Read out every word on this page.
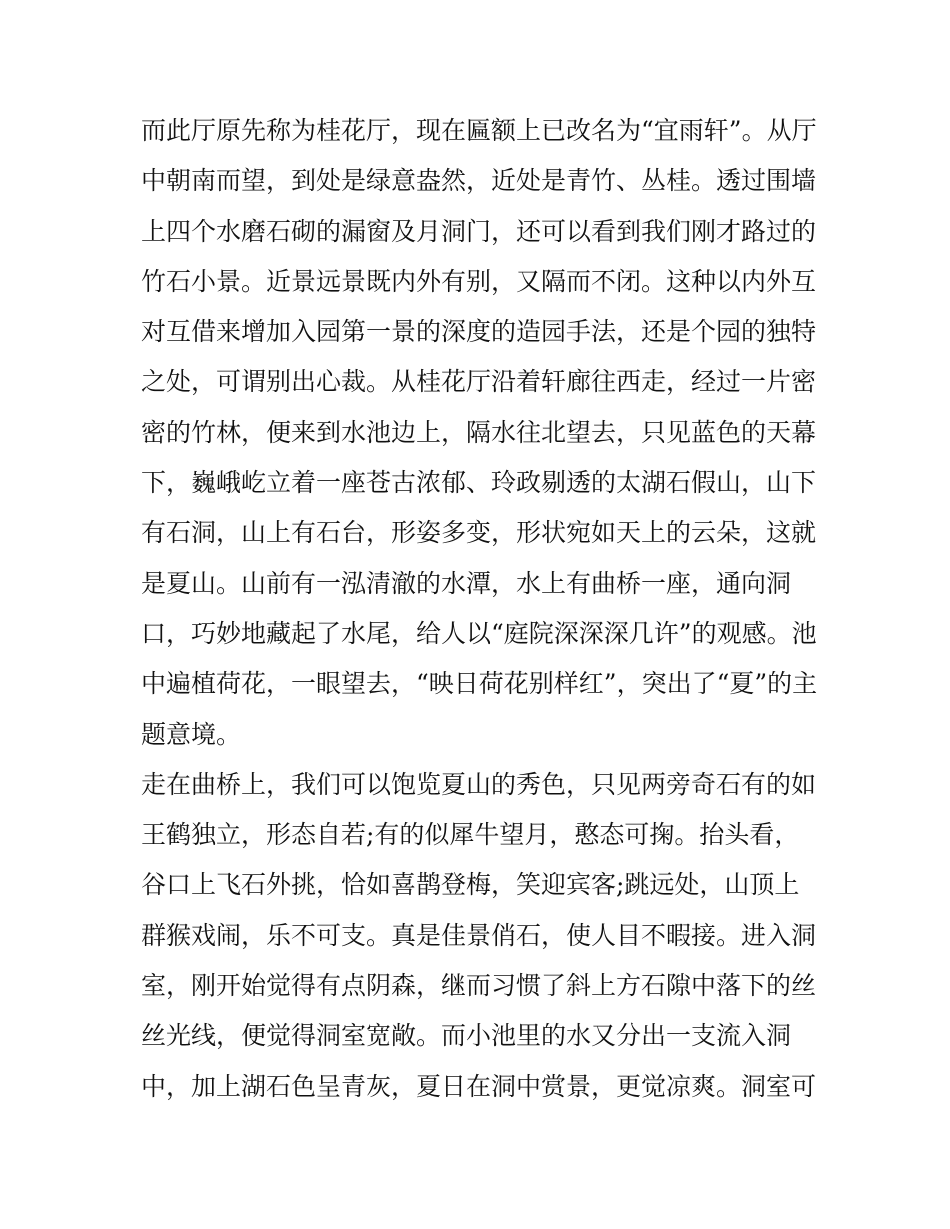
而此厅原先称为桂花厅，现在匾额上已改名为“宜雨轩”。从厅
中朝南而望，到处是绿意盎然，近处是青竹、丛桂。透过围墙
上四个水磨石砌的漏窗及月洞门，还可以看到我们刚才路过的
竹石小景。近景远景既内外有别，又隔而不闭。这种以内外互
对互借来增加入园第一景的深度的造园手法，还是个园的独特
之处，可谓别出心裁。从桂花厅沿着轩廊往西走，经过一片密
密的竹林，便来到水池边上，隔水往北望去，只见蓝色的天幕
下，巍峨屹立着一座苍古浓郁、玲政剔透的太湖石假山，山下
有石洞，山上有石台，形姿多变，形状宛如天上的云朵，这就
是夏山。山前有一泓清澈的水潭，水上有曲桥一座，通向洞
口，巧妙地藏起了水尾，给人以“庭院深深深几许”的观感。池
中遍植荷花，一眼望去，“映日荷花别样红”，突出了“夏”的主
题意境。
走在曲桥上，我们可以饱览夏山的秀色，只见两旁奇石有的如
王鹤独立，形态自若;有的似犀牛望月，憨态可掬。抬头看，
谷口上飞石外挑，恰如喜鹊登梅，笑迎宾客;跳远处，山顶上
群猴戏闹，乐不可支。真是佳景俏石，使人目不暇接。进入洞
室，刚开始觉得有点阴森，继而习惯了斜上方石隙中落下的丝
丝光线，便觉得洞室宽敞。而小池里的水又分出一支流入洞
中，加上湖石色呈青灰，夏日在洞中赏景，更觉凉爽。洞室可
